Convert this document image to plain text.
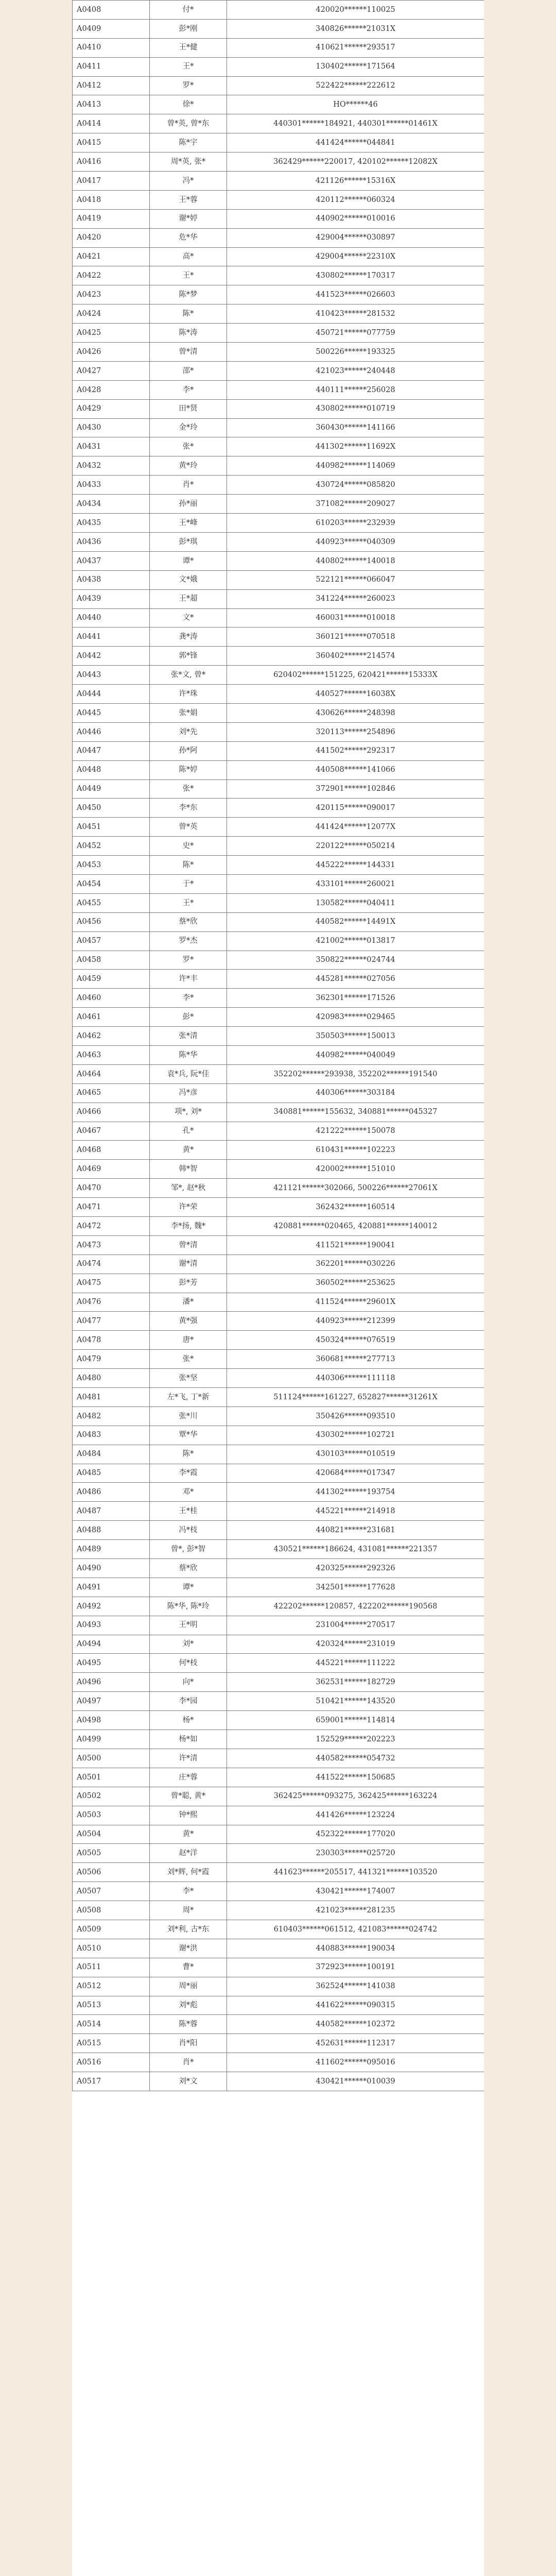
A0408	付*	420020******110025
A0409	彭*刚	340826******21031X
A0410	王*健	410621******293517
A0411	王*	130402******171564
A0412	罗*	522422******222612
A0413	徐*	HO******46
A0414	曾*英, 曾*东	440301******184921, 440301******01461X
A0415	陈*宇	441424******044841
A0416	周*英, 张*	362429******220017, 420102******12082X
A0417	冯*	421126******15316X
A0418	王*蓉	420112******060324
A0419	谢*婷	440902******010016
A0420	危*华	429004******030897
A0421	高*	429004******22310X
A0422	王*	430802******170317
A0423	陈*梦	441523******026603
A0424	陈*	410423******281532
A0425	陈*涛	450721******077759
A0426	曾*清	500226******193325
A0427	邵*	421023******240448
A0428	李*	440111******256028
A0429	田*贤	430802******010719
A0430	金*玲	360430******141166
A0431	张*	441302******11692X
A0432	黄*玲	440982******114069
A0433	肖*	430724******085820
A0434	孙*丽	371082******209027
A0435	王*峰	610203******232939
A0436	彭*琪	440923******040309
A0437	谭*	440802******140018
A0438	文*娥	522121******066047
A0439	王*超	341224******260023
A0440	文*	460031******010018
A0441	龚*涛	360121******070518
A0442	郭*锋	360402******214574
A0443	张*文, 曾*	620402******151225, 620421******15333X
A0444	许*珠	440527******16038X
A0445	张*娟	430626******248398
A0446	刘*先	320113******254896
A0447	孙*阿	441502******292317
A0448	陈*婷	440508******141066
A0449	张*	372901******102846
A0450	李*东	420115******090017
A0451	曾*英	441424******12077X
A0452	史*	220122******050214
A0453	陈*	445222******144331
A0454	于*	433101******260021
A0455	王*	130582******040411
A0456	蔡*欣	440582******14491X
A0457	罗*杰	421002******013817
A0458	罗*	350822******024744
A0459	许*丰	445281******027056
A0460	李*	362301******171526
A0461	彭*	420983******029465
A0462	张*清	350503******150013
A0463	陈*华	440982******040049
A0464	袁*兵, 阮*佳	352202******293938, 352202******191540
A0465	冯*彦	440306******303184
A0466	项*, 刘*	340881******155632, 340881******045327
A0467	孔*	421222******150078
A0468	黄*	610431******102223
A0469	韩*智	420002******151010
A0470	邹*, 赵*秋	421121******302066, 500226******27061X
A0471	许*荣	362432******160514
A0472	李*扬, 魏*	420881******020465, 420881******140012
A0473	曾*清	411521******190041
A0474	谢*清	362201******030226
A0475	彭*芳	360502******253625
A0476	潘*	411524******29601X
A0477	黄*强	440923******212399
A0478	唐*	450324******076519
A0479	张*	360681******277713
A0480	张*坚	440306******111118
A0481	左*飞, 丁*新	511124******161227, 652827******31261X
A0482	张*川	350426******093510
A0483	覃*华	430302******102721
A0484	陈*	430103******010519
A0485	李*霞	420684******017347
A0486	邓*	441302******193754
A0487	王*桂	445221******214918
A0488	冯*枝	440821******231681
A0489	曾*, 彭*智	430521******186624, 431081******221357
A0490	蔡*欣	420325******292326
A0491	谭*	342501******177628
A0492	陈*华, 陈*玲	422202******120857, 422202******190568
A0493	王*明	231004******270517
A0494	刘*	420324******231019
A0495	何*枝	445221******111222
A0496	向*	362531******182729
A0497	李*园	510421******143520
A0498	杨*	659001******114814
A0499	杨*如	152529******202223
A0500	许*清	440582******054732
A0501	庄*蓉	441522******150685
A0502	曾*聪, 黄*	362425******093275, 362425******163224
A0503	钟*熙	441426******123224
A0504	黄*	452322******177020
A0505	赵*洋	230303******025720
A0506	刘*辉, 何*霞	441623******205517, 441321******103520
A0507	李*	430421******174007
A0508	周*	421023******281235
A0509	刘*利, 古*东	610403******061512, 421083******024742
A0510	谢*洪	440883******190034
A0511	曹*	372923******100191
A0512	周*丽	362524******141038
A0513	刘*彪	441622******090315
A0514	陈*蓉	440582******102372
A0515	肖*阳	452631******112317
A0516	肖*	411602******095016
A0517	刘*文	430421******010039
